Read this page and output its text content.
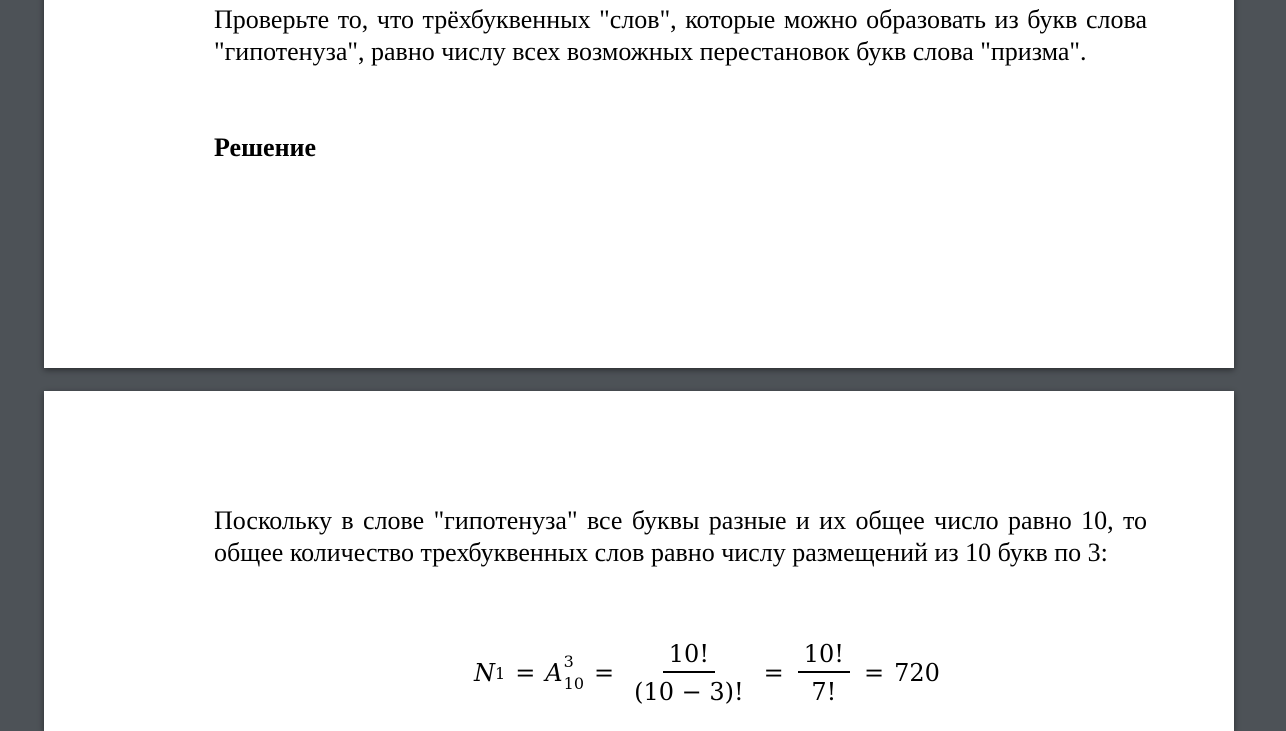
Проверьте то, что трёхбуквенных "слов", которые можно образовать из букв слова "гипотенуза", равно числу всех возможных перестановок букв слова "призма".

Решение

Поскольку в слове "гипотенуза" все буквы разные и их общее число равно 10, то общее количество трехбуквенных слов равно числу размещений из 10 букв по 3:

N 1 = A 3
$10 = \frac{10!}{(10 - 3)!} = \frac{10!}{7!} = 720$
